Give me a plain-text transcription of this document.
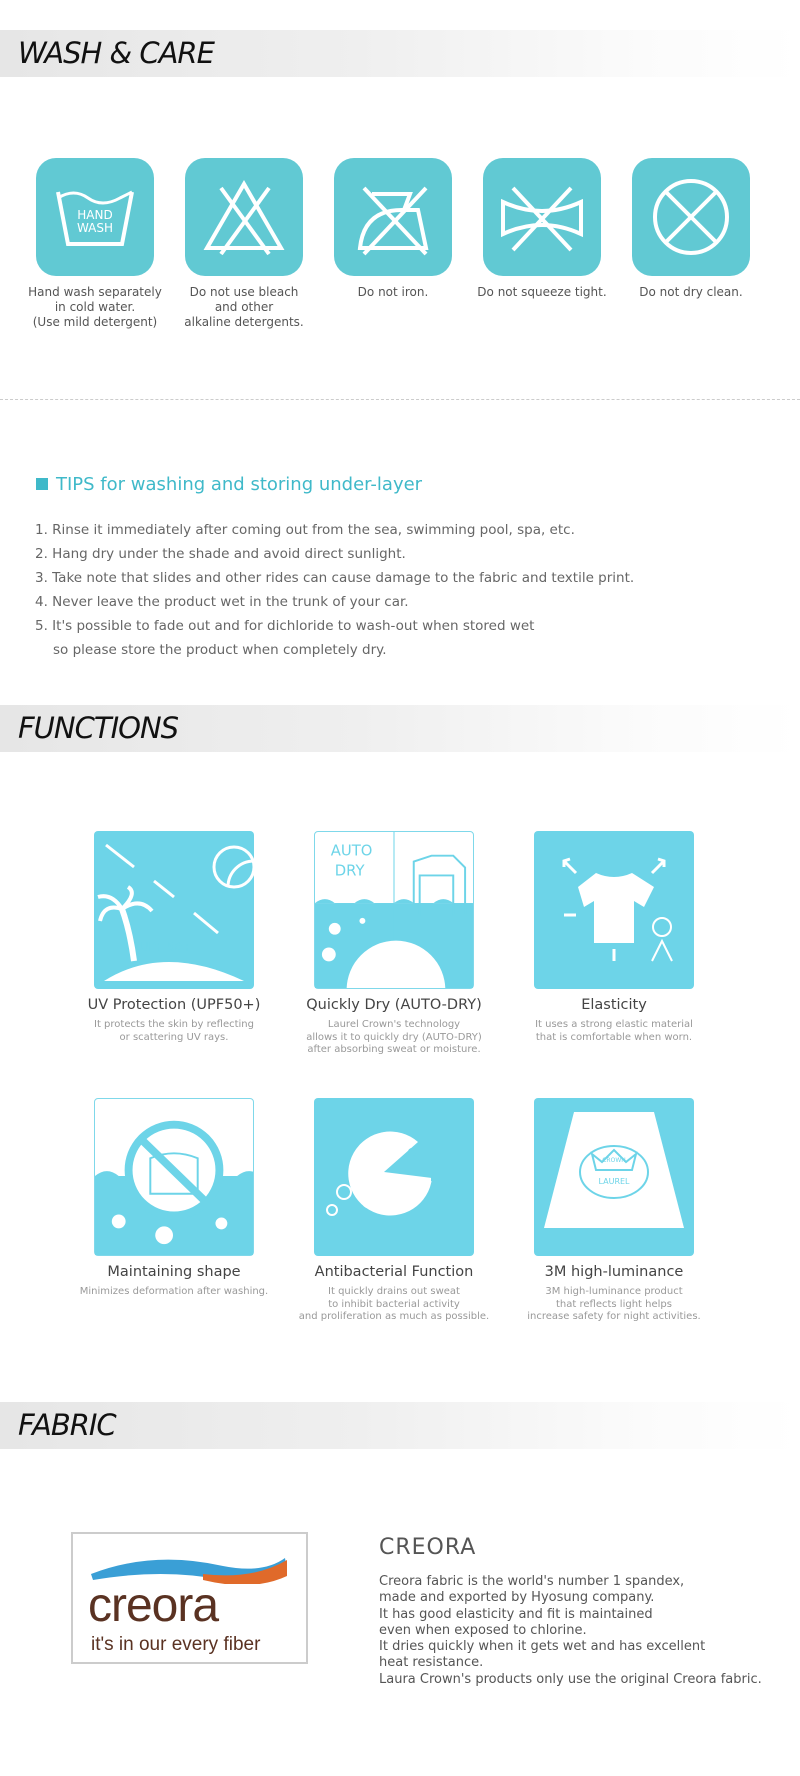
WASH & CARE
HAND
WASH
Hand wash separately
in cold water.
(Use mild detergent)
Do not use bleach
and other
alkaline detergents.
Do not iron.	Do not squeeze tight.	Do not dry clean.
TIPS for washing and storing under-layer
1. Rinse it immediately after coming out from the sea, swimming pool, spa, etc.
2. Hang dry under the shade and avoid direct sunlight.
3. Take note that slides and other rides can cause damage to the fabric and textile print.
4. Never leave the product wet in the trunk of your car.
5. It's possible to fade out and for dichloride to wash-out when stored wet
so please store the product when completely dry.
FUNCTIONS
UPF 50+
UV Protection (UPF50+)
It protects the skin by reflecting
or scattering UV rays.
AUTO
DRY
Quickly Dry (AUTO-DRY)
Laurel Crown's technology
allows it to quickly dry (AUTO-DRY)
after absorbing sweat or moisture.
Elasticity
It uses a strong elastic material
that is comfortable when worn.
Maintaining shape
Minimizes deformation after washing.
Antibacterial Function
It quickly drains out sweat
to inhibit bacterial activity
and proliferation as much as possible.
CROWN
LAUREL
3M high-luminance
3M high-luminance product
that reflects light helps
increase safety for night activities.
FABRIC
creora
it's in our every fiber
CREORA
Creora fabric is the world's number 1 spandex,
made and exported by Hyosung company.
It has good elasticity and fit is maintained
even when exposed to chlorine.
It dries quickly when it gets wet and has excellent
heat resistance.
Laura Crown's products only use the original Creora fabric.
